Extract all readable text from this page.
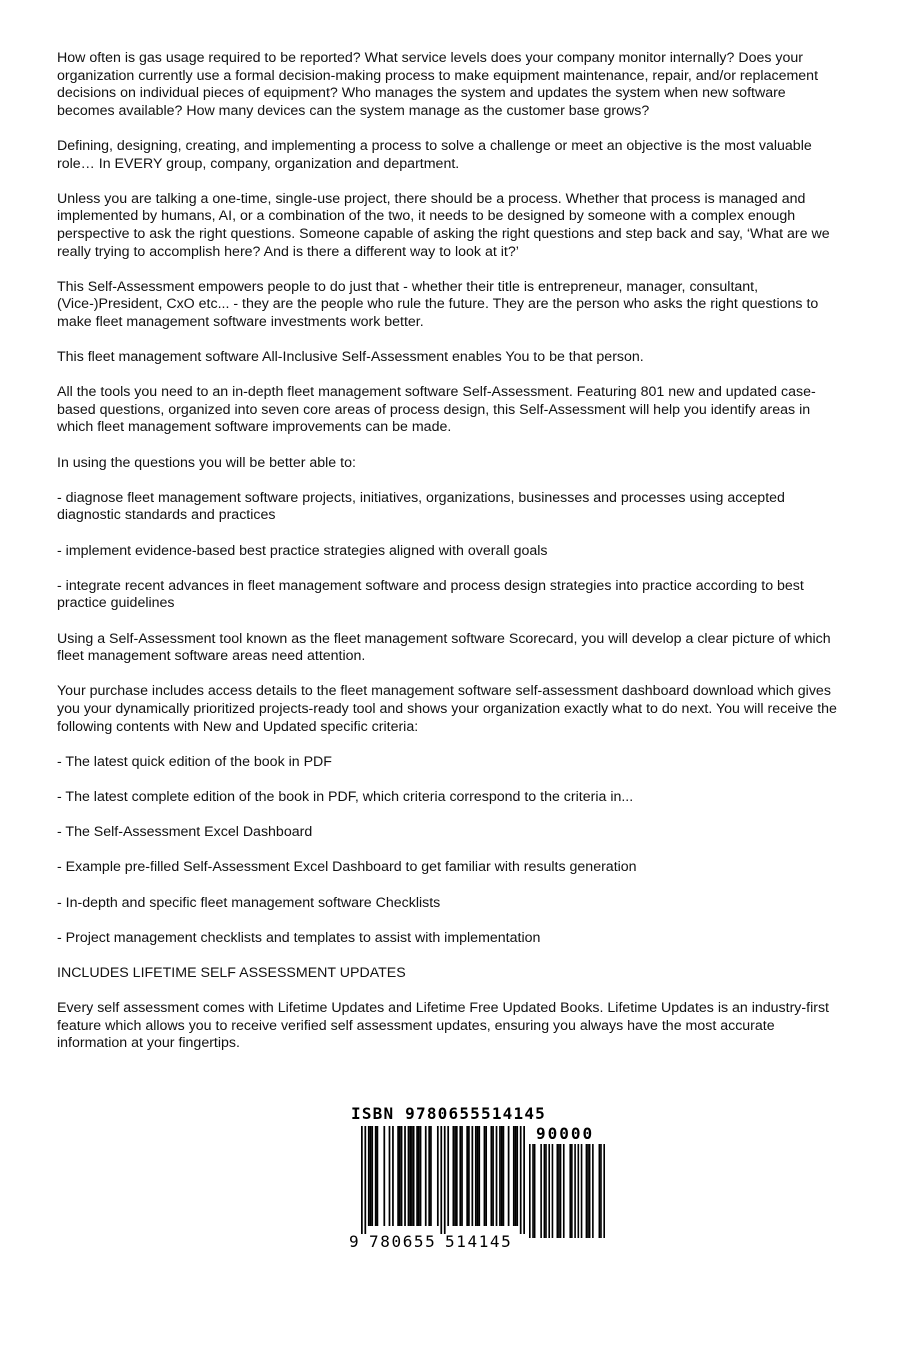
How often is gas usage required to be reported? What service levels does your company monitor internally? Does your organization currently use a formal decision-making process to make equipment maintenance, repair, and/or replacement decisions on individual pieces of equipment? Who manages the system and updates the system when new software becomes available? How many devices can the system manage as the customer base grows?

Defining, designing, creating, and implementing a process to solve a challenge or meet an objective is the most valuable role… In EVERY group, company, organization and department.

Unless you are talking a one-time, single-use project, there should be a process. Whether that process is managed and implemented by humans, AI, or a combination of the two, it needs to be designed by someone with a complex enough perspective to ask the right questions. Someone capable of asking the right questions and step back and say, ‘What are we really trying to accomplish here? And is there a different way to look at it?’

This Self-Assessment empowers people to do just that - whether their title is entrepreneur, manager, consultant, (Vice-)President, CxO etc... - they are the people who rule the future. They are the person who asks the right questions to make fleet management software investments work better.

This fleet management software All-Inclusive Self-Assessment enables You to be that person.

All the tools you need to an in-depth fleet management software Self-Assessment. Featuring 801 new and updated case-based questions, organized into seven core areas of process design, this Self-Assessment will help you identify areas in which fleet management software improvements can be made.

In using the questions you will be better able to:

- diagnose fleet management software projects, initiatives, organizations, businesses and processes using accepted diagnostic standards and practices

- implement evidence-based best practice strategies aligned with overall goals

- integrate recent advances in fleet management software and process design strategies into practice according to best practice guidelines

Using a Self-Assessment tool known as the fleet management software Scorecard, you will develop a clear picture of which fleet management software areas need attention.

Your purchase includes access details to the fleet management software self-assessment dashboard download which gives you your dynamically prioritized projects-ready tool and shows your organization exactly what to do next. You will receive the following contents with New and Updated specific criteria:

- The latest quick edition of the book in PDF

- The latest complete edition of the book in PDF, which criteria correspond to the criteria in...

- The Self-Assessment Excel Dashboard

- Example pre-filled Self-Assessment Excel Dashboard to get familiar with results generation

- In-depth and specific fleet management software Checklists

- Project management checklists and templates to assist with implementation

INCLUDES LIFETIME SELF ASSESSMENT UPDATES

Every self assessment comes with Lifetime Updates and Lifetime Free Updated Books. Lifetime Updates is an industry-first feature which allows you to receive verified self assessment updates, ensuring you always have the most accurate information at your fingertips.

ISBN 9780655514145
90000
9 780655 514145
